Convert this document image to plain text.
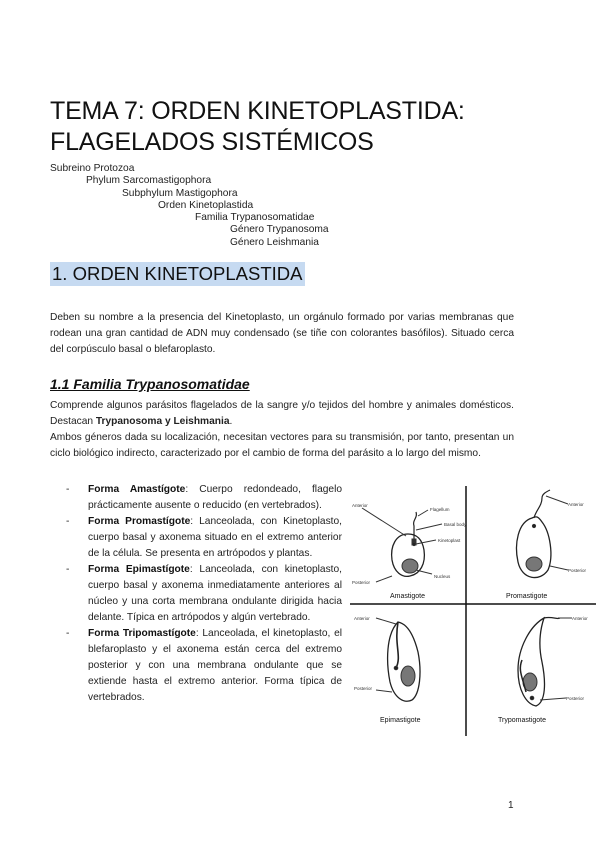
TEMA 7: ORDEN KINETOPLASTIDA:
FLAGELADOS SISTÉMICOS
Subreino Protozoa
Phylum Sarcomastigophora
Subphylum Mastigophora
Orden Kinetoplastida
Familia Trypanosomatidae
Género Trypanosoma
Género Leishmania
1. ORDEN KINETOPLASTIDA
Deben su nombre a la presencia del Kinetoplasto, un orgánulo formado por varias membranas que rodean una gran cantidad de ADN muy condensado (se tiñe con colorantes basófilos). Situado cerca del corpúsculo basal o blefaroplasto.
1.1 Familia Trypanosomatidae
Comprende algunos parásitos flagelados de la sangre y/o tejidos del hombre y animales domésticos. Destacan Trypanosoma y Leishmania.
Ambos géneros dada su localización, necesitan vectores para su transmisión, por tanto, presentan un ciclo biológico indirecto, caracterizado por el cambio de forma del parásito a lo largo del mismo.
- Forma Amastígote: Cuerpo redondeado, flagelo prácticamente ausente o reducido (en vertebrados).
- Forma Promastígote: Lanceolada, con Kinetoplasto, cuerpo basal y axonema situado en el extremo anterior de la célula. Se presenta en artrópodos y plantas.
- Forma Epimastígote: Lanceolada, con kinetoplasto, cuerpo basal y axonema inmediatamente anteriores al núcleo y una corta membrana ondulante dirigida hacia delante. Típica en artrópodos y algún vertebrado.
- Forma Tripomastígote: Lanceolada, el kinetoplasto, el blefaroplasto y el axonema están cerca del extremo posterior y con una membrana ondulante que se extiende hasta el extremo anterior. Forma típica de vertebrados.
Anterior
Flagellum
Basal body
Kinetoplast
Posterior
Nucleus
Amastigote
Anterior
Posterior
Promastigote
Anterior
Posterior
Epimastigote
Anterior
Posterior
Trypomastigote
1
